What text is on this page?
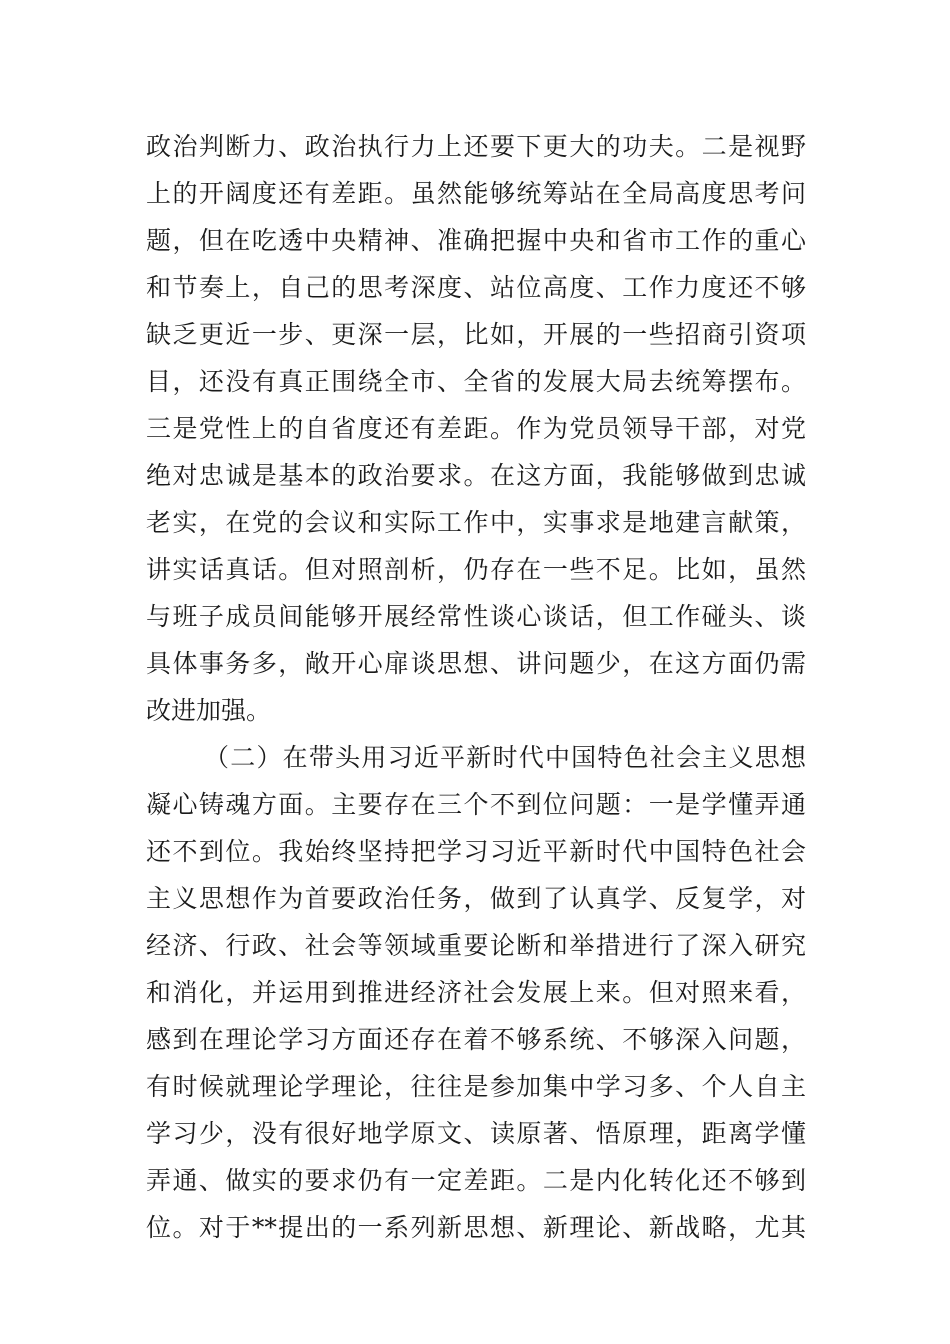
政治判断力、政治执行力上还要下更大的功夫。二是视野
上的开阔度还有差距。虽然能够统筹站在全局高度思考问
题，但在吃透中央精神、准确把握中央和省市工作的重心
和节奏上，自己的思考深度、站位高度、工作力度还不够
缺乏更近一步、更深一层，比如，开展的一些招商引资项
目，还没有真正围绕全市、全省的发展大局去统筹摆布。
三是党性上的自省度还有差距。作为党员领导干部，对党
绝对忠诚是基本的政治要求。在这方面，我能够做到忠诚
老实，在党的会议和实际工作中，实事求是地建言献策，
讲实话真话。但对照剖析，仍存在一些不足。比如，虽然
与班子成员间能够开展经常性谈心谈话，但工作碰头、谈
具体事务多，敞开心扉谈思想、讲问题少，在这方面仍需
改进加强。
（二）在带头用习近平新时代中国特色社会主义思想
凝心铸魂方面。主要存在三个不到位问题：一是学懂弄通
还不到位。我始终坚持把学习习近平新时代中国特色社会
主义思想作为首要政治任务，做到了认真学、反复学，对
经济、行政、社会等领域重要论断和举措进行了深入研究
和消化，并运用到推进经济社会发展上来。但对照来看，
感到在理论学习方面还存在着不够系统、不够深入问题，
有时候就理论学理论，往往是参加集中学习多、个人自主
学习少，没有很好地学原文、读原著、悟原理，距离学懂
弄通、做实的要求仍有一定差距。二是内化转化还不够到
位。对于**提出的一系列新思想、新理论、新战略，尤其
